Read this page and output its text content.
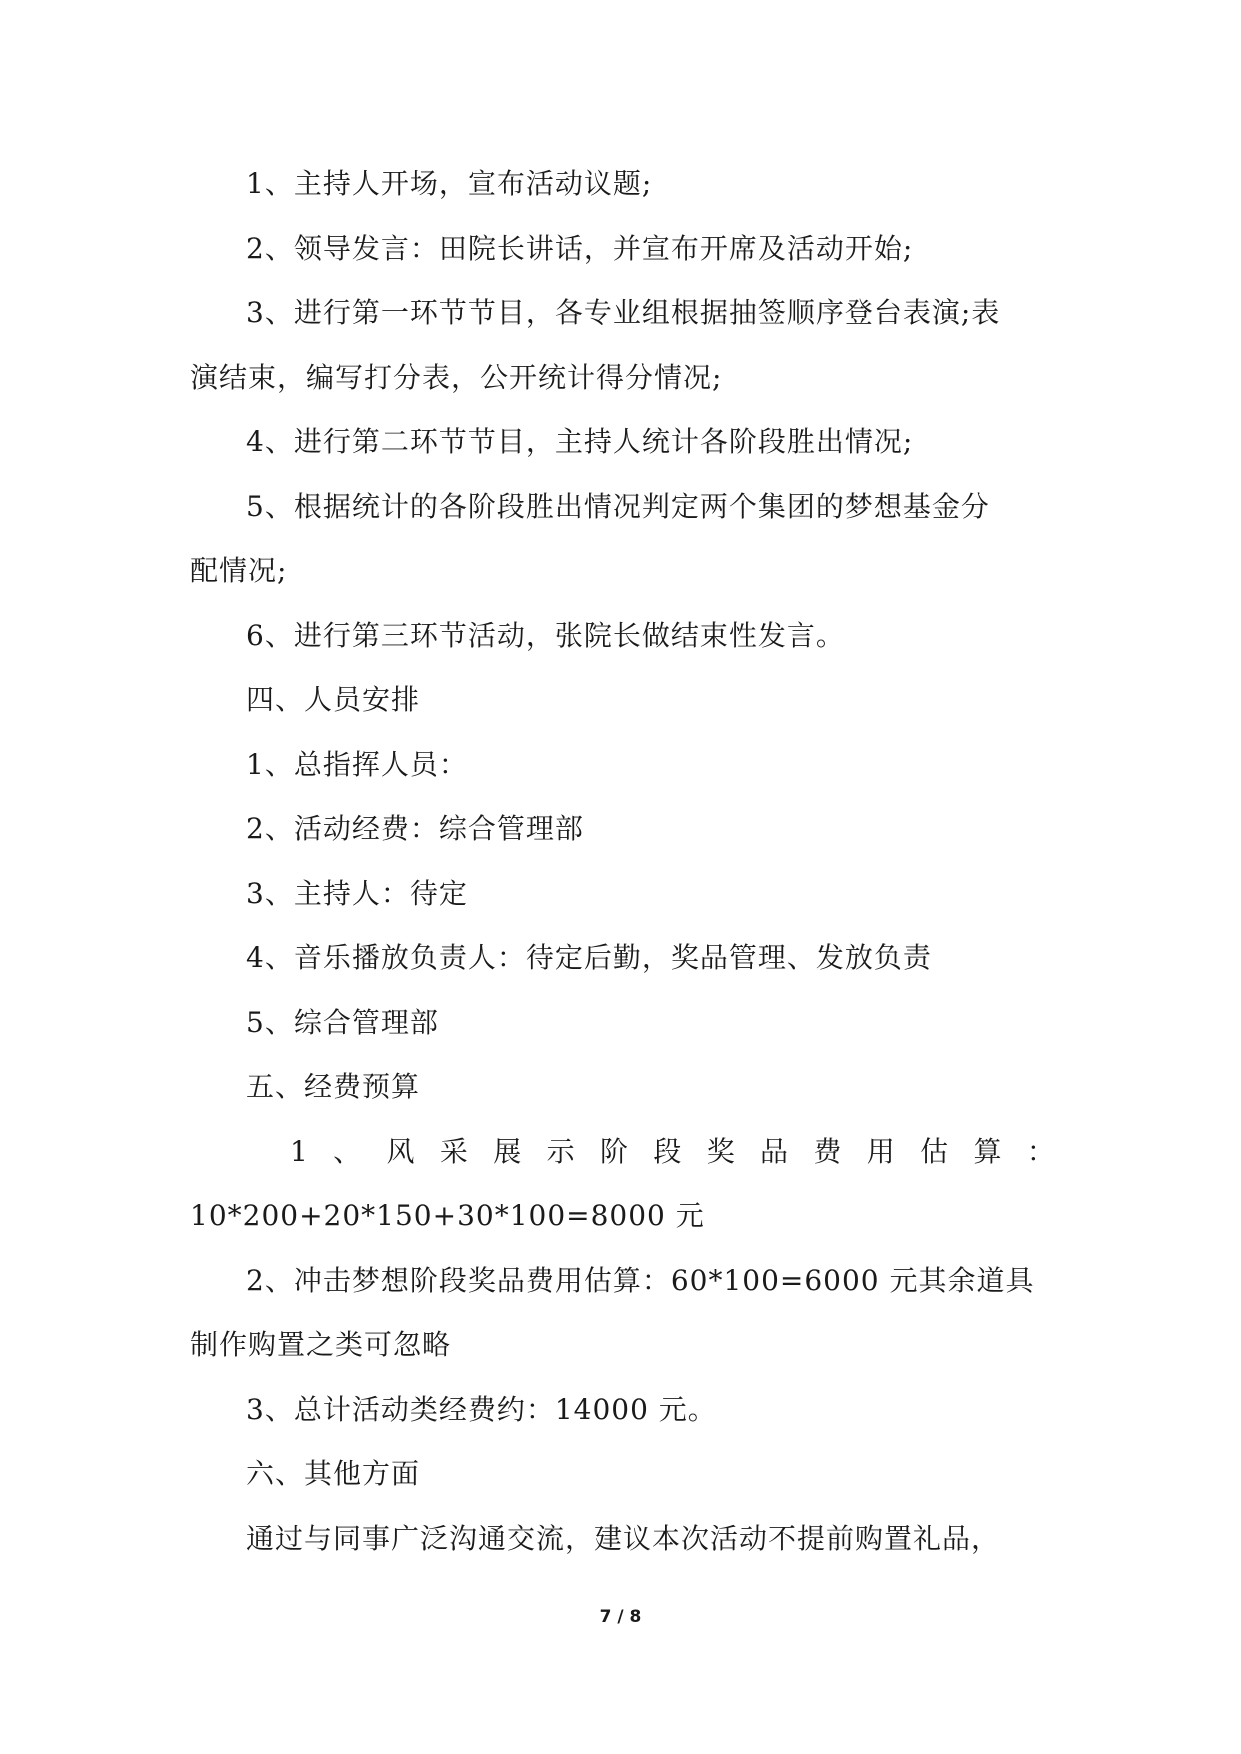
1、主持人开场，宣布活动议题;
2、领导发言：田院长讲话，并宣布开席及活动开始;
3、进行第一环节节目，各专业组根据抽签顺序登台表演;表
演结束，编写打分表，公开统计得分情况;
4、进行第二环节节目，主持人统计各阶段胜出情况;
5、根据统计的各阶段胜出情况判定两个集团的梦想基金分
配情况;
6、进行第三环节活动，张院长做结束性发言。
四、人员安排
1、总指挥人员：
2、活动经费：综合管理部
3、主持人：待定
4、音乐播放负责人：待定后勤，奖品管理、发放负责
5、综合管理部
五、经费预算
1 、 风 采 展 示 阶 段 奖 品 费 用 估 算 ：
10*200+20*150+30*100=8000 元
2、冲击梦想阶段奖品费用估算：60*100=6000 元其余道具
制作购置之类可忽略
3、总计活动类经费约：14000 元。
六、其他方面
通过与同事广泛沟通交流，建议本次活动不提前购置礼品，
7 / 8
